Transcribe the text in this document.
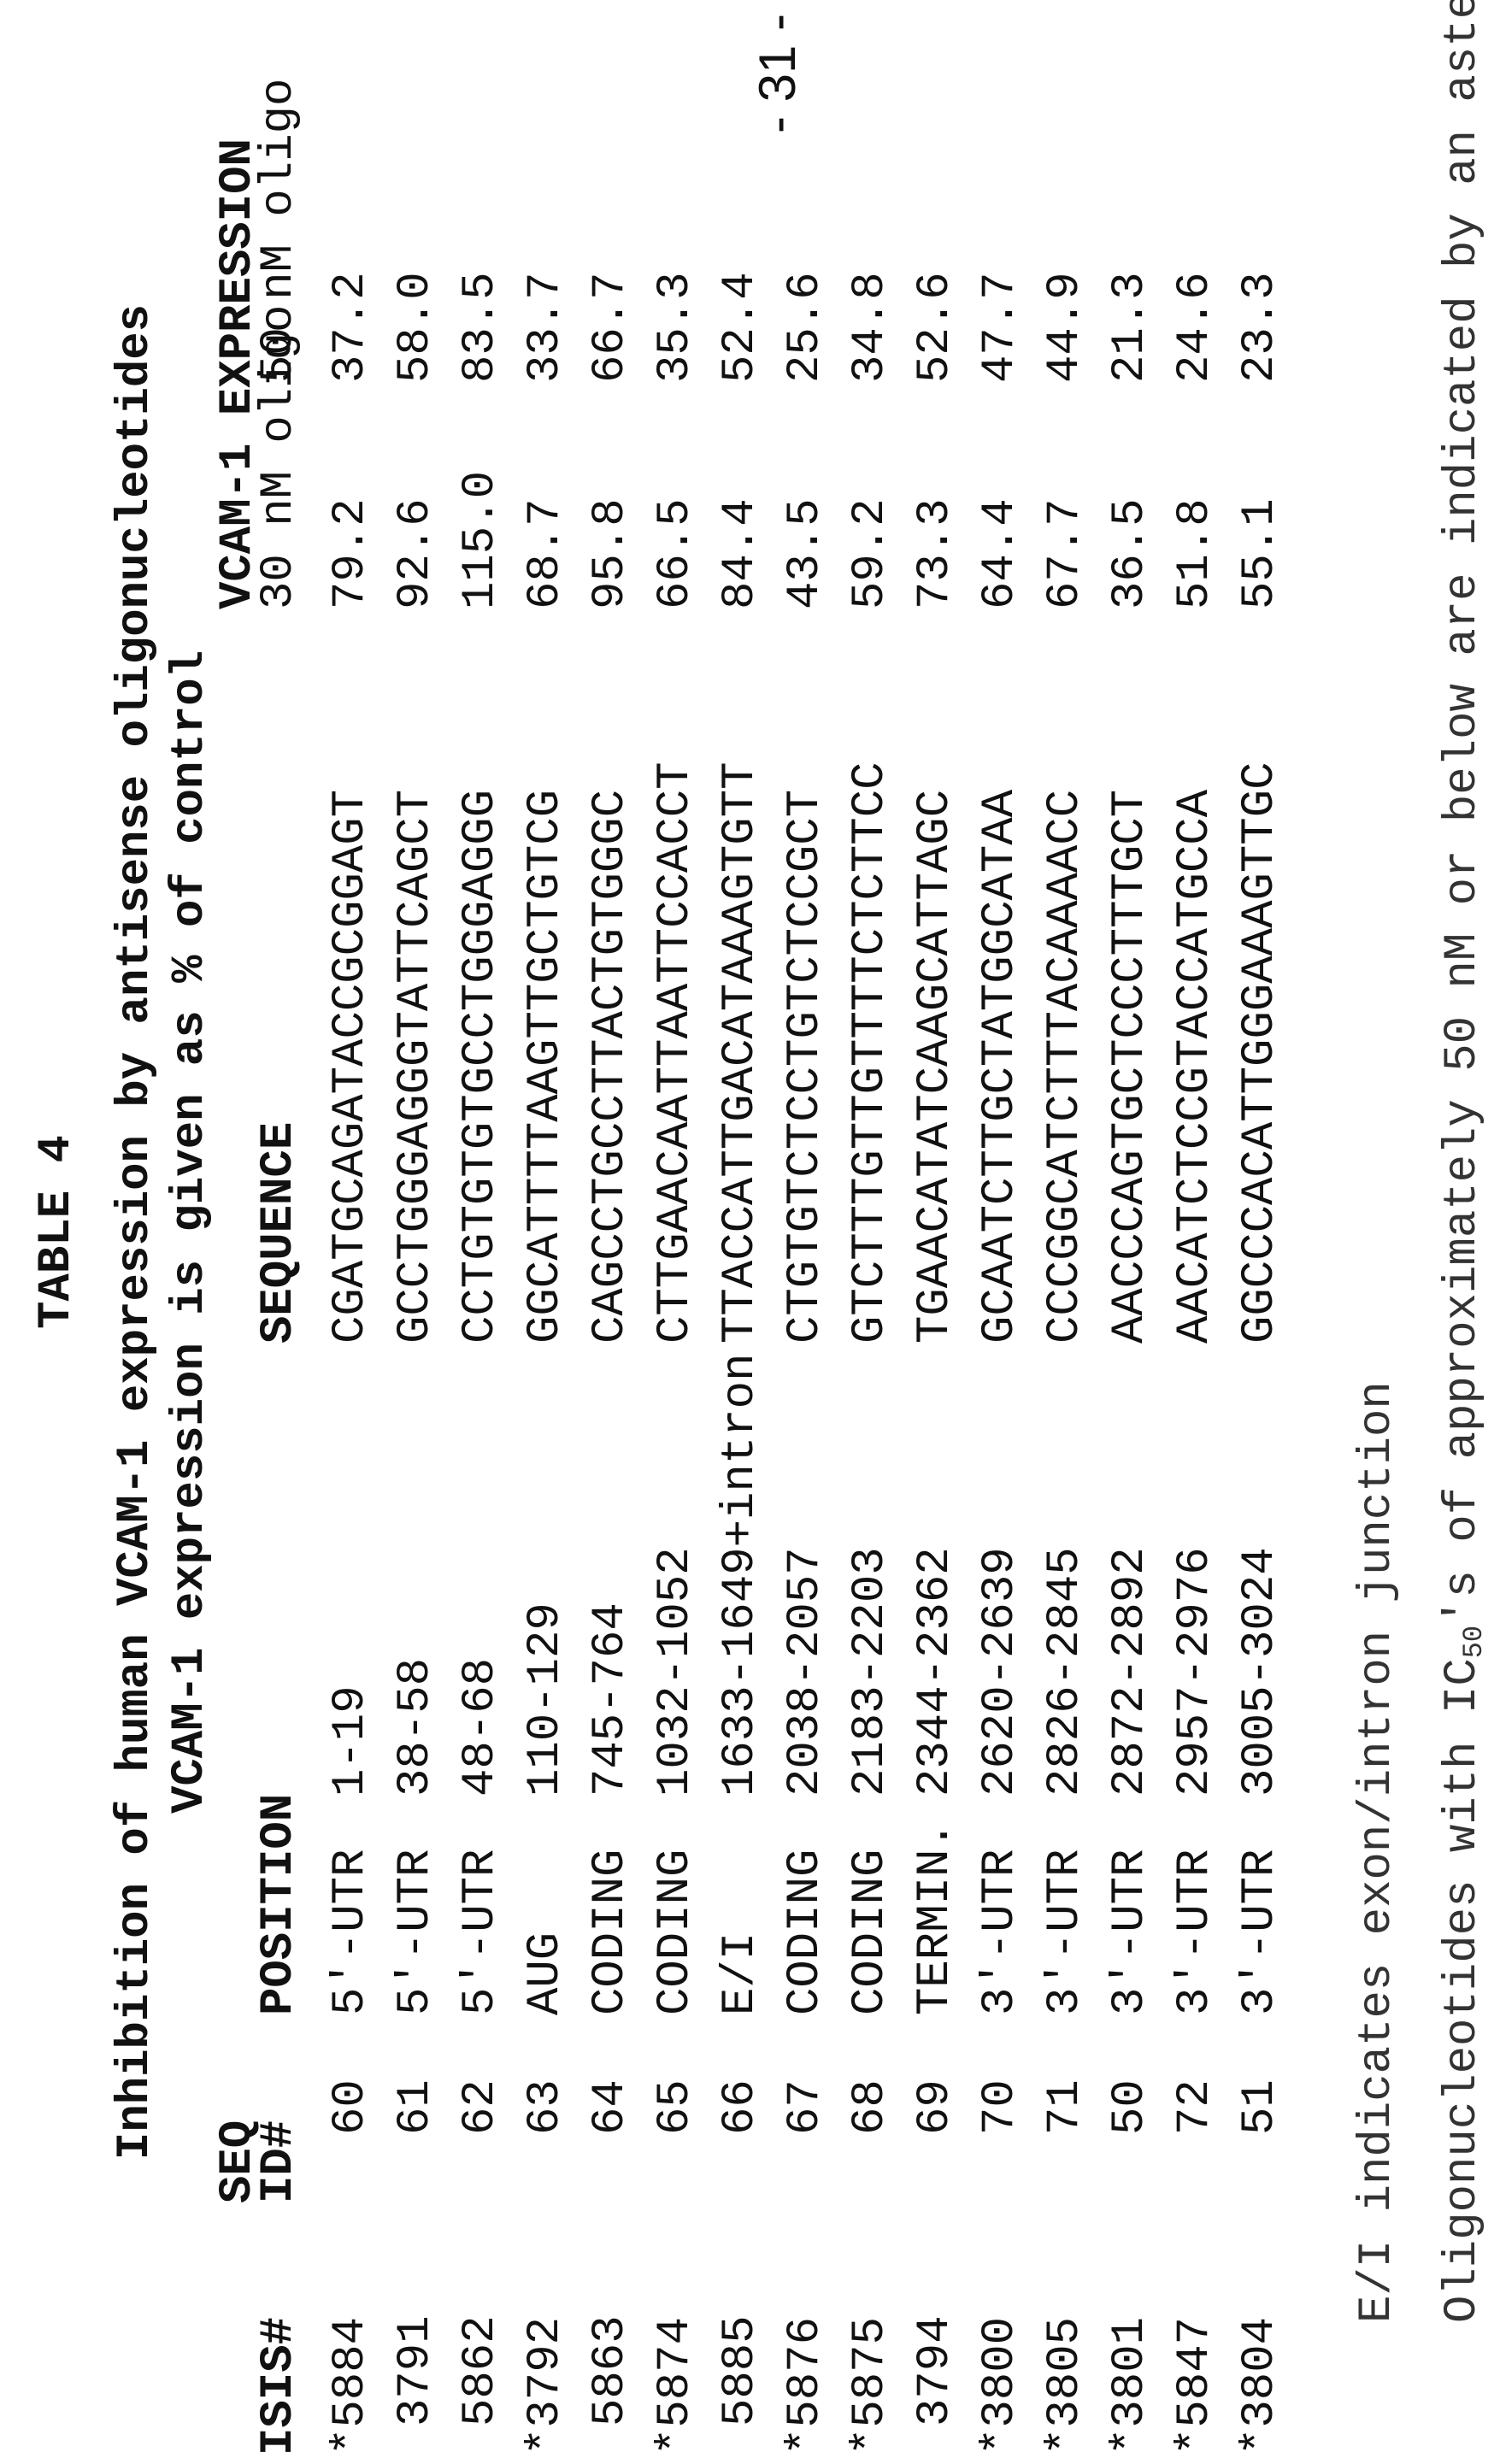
- 31 -
TABLE 4 Inhibition of human VCAM-1 expression by antisense oligonucleotides VCAM-1 expression is given as % of control
ISIS#
SEQ
ID#
POSITION
SEQUENCE
VCAM-1 EXPRESSION
30 nM oligo
50 nM oligo
*5884
60
5'-UTR
1-19
CGATGCAGATACCGCGGAGT
79.2
37.2
3791
61
5'-UTR
38-58
GCCTGGGAGGGTATTCAGCT
92.6
58.0
5862
62
5'-UTR
48-68
CCTGTGTGTGCCTGGGAGGG
115.0
83.5
*3792
63
AUG
110-129
GGCATTTTAAGTTGCTGTCG
68.7
33.7
5863
64
CODING
745-764
CAGCCTGCCTTACTGTGGGC
95.8
66.7
*5874
65
CODING
1032-1052
CTTGAACAATTAATTCCACCT
66.5
35.3
5885
66
E/I
1633-1649+intron
TTACCATTGACATAAAGTGTT
84.4
52.4
*5876
67
CODING
2038-2057
CTGTGTCTCCTGTCTCCGCT
43.5
25.6
*5875
68
CODING
2183-2203
GTCTTTGTTGTTTTCTCTTCC
59.2
34.8
3794
69
TERMIN.
2344-2362
TGAACATATCAAGCATTAGC
73.3
52.6
*3800
70
3'-UTR
2620-2639
GCAATCTTGCTATGGCATAA
64.4
47.7
*3805
71
3'-UTR
2826-2845
CCCGGCATCTTTACAAAACC
67.7
44.9
*3801
50
3'-UTR
2872-2892
AACCCAGTGCTCCCTTTGCT
36.5
21.3
*5847
72
3'-UTR
2957-2976
AACATCTCCGTACCATGCCA
51.8
24.6
*3804
51
3'-UTR
3005-3024
GGCCCACATTGGGAAAGTTGC
55.1
23.3
E/I indicates exon/intron junction Oligonucleotides with IC50's of approximately 50 nM or below are indicated by an asterisk (*).
